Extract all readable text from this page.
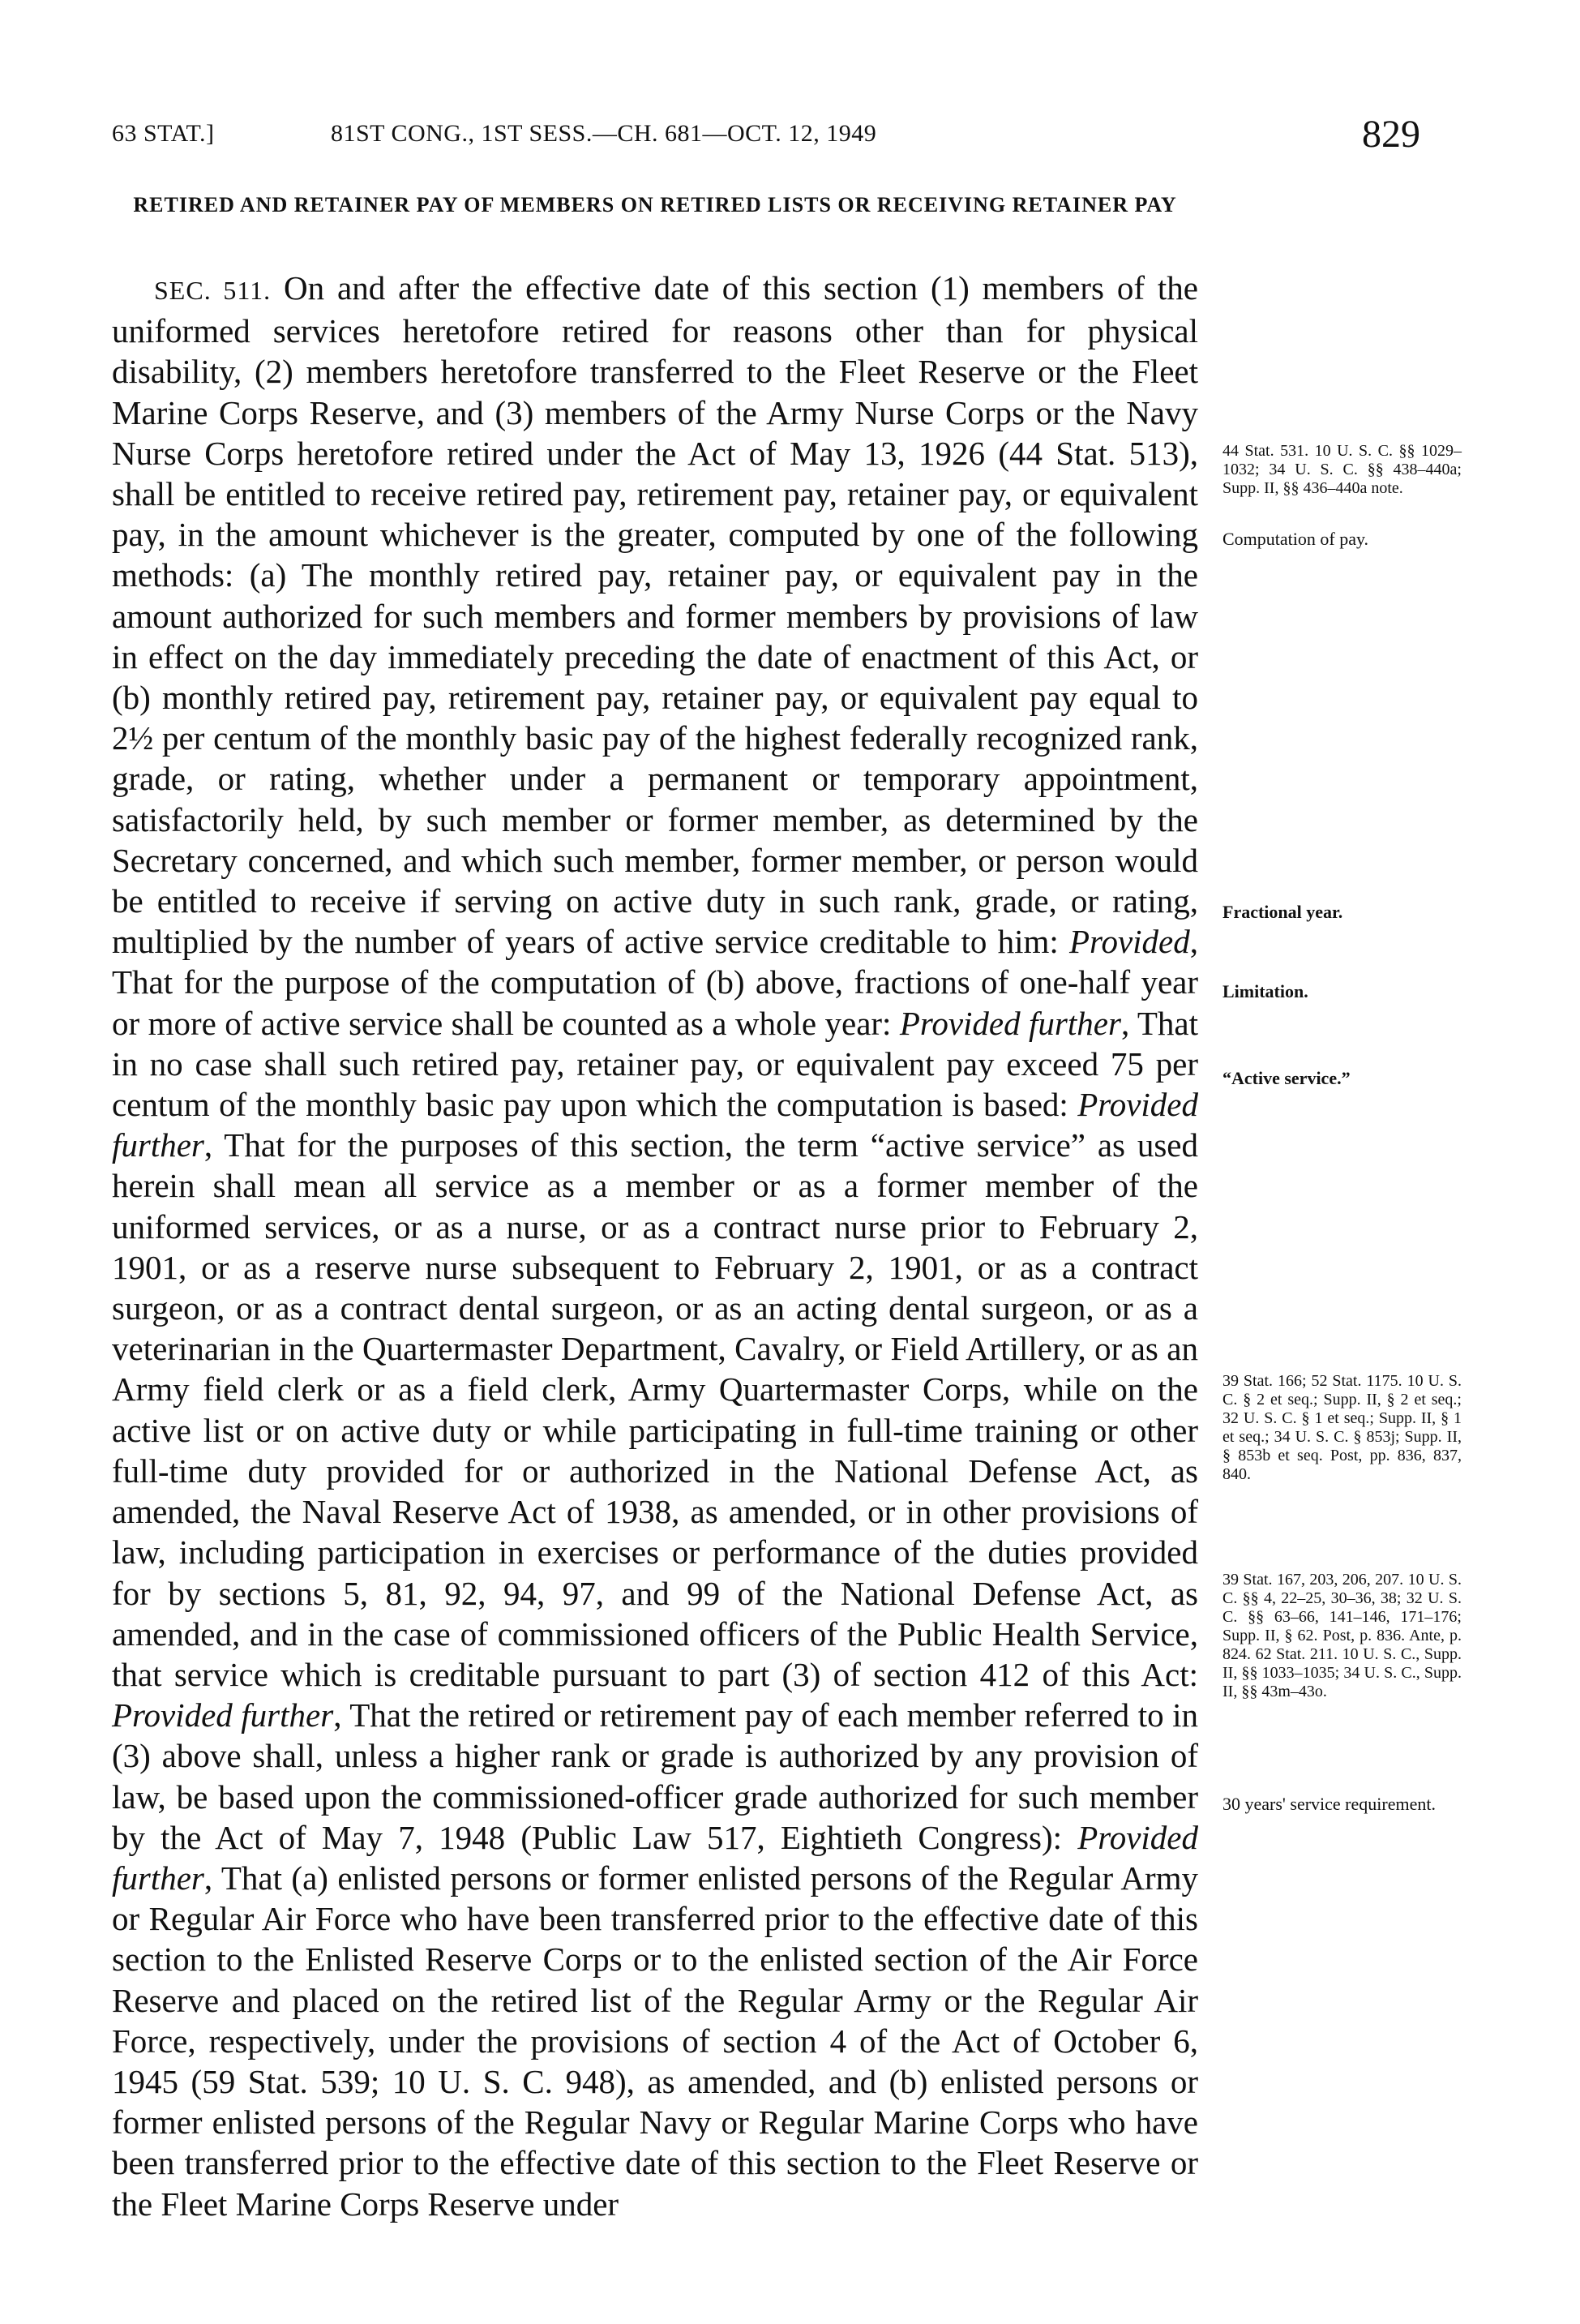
63 STAT.]	81ST CONG., 1ST SESS.—CH. 681—OCT. 12, 1949	829
RETIRED AND RETAINER PAY OF MEMBERS ON RETIRED LISTS OR RECEIVING RETAINER PAY

SEC. 511. On and after the effective date of this section (1) members of the uniformed services heretofore retired for reasons other than for physical disability, (2) members heretofore transferred to the Fleet Reserve or the Fleet Marine Corps Reserve, and (3) members of the Army Nurse Corps or the Navy Nurse Corps heretofore retired under the Act of May 13, 1926 (44 Stat. 513), shall be entitled to receive retired pay, retirement pay, retainer pay, or equivalent pay, in the amount whichever is the greater, computed by one of the following methods: (a) The monthly retired pay, retainer pay, or equivalent pay in the amount authorized for such members and former members by provisions of law in effect on the day immediately preceding the date of enactment of this Act, or (b) monthly retired pay, retirement pay, retainer pay, or equivalent pay equal to 2½ per centum of the monthly basic pay of the highest federally recognized rank, grade, or rating, whether under a permanent or temporary appointment, satisfactorily held, by such member or former member, as determined by the Secretary concerned, and which such member, former member, or person would be entitled to receive if serving on active duty in such rank, grade, or rating, multiplied by the number of years of active service creditable to him: Provided, That for the purpose of the computation of (b) above, fractions of one-half year or more of active service shall be counted as a whole year: Provided further, That in no case shall such retired pay, retainer pay, or equivalent pay exceed 75 per centum of the monthly basic pay upon which the computation is based: Provided further, That for the purposes of this section, the term “active service” as used herein shall mean all service as a member or as a former member of the uniformed services, or as a nurse, or as a contract nurse prior to February 2, 1901, or as a reserve nurse subsequent to February 2, 1901, or as a contract surgeon, or as a contract dental surgeon, or as an acting dental surgeon, or as a veterinarian in the Quartermaster Department, Cavalry, or Field Artillery, or as an Army field clerk or as a field clerk, Army Quartermaster Corps, while on the active list or on active duty or while participating in full-time training or other full-time duty provided for or authorized in the National Defense Act, as amended, the Naval Reserve Act of 1938, as amended, or in other provisions of law, including participation in exercises or performance of the duties provided for by sections 5, 81, 92, 94, 97, and 99 of the National Defense Act, as amended, and in the case of commissioned officers of the Public Health Service, that service which is creditable pursuant to part (3) of section 412 of this Act: Provided further, That the retired or retirement pay of each member referred to in (3) above shall, unless a higher rank or grade is authorized by any provision of law, be based upon the commissioned-officer grade authorized for such member by the Act of May 7, 1948 (Public Law 517, Eightieth Congress): Provided further, That (a) enlisted persons or former enlisted persons of the Regular Army or Regular Air Force who have been transferred prior to the effective date of this section to the Enlisted Reserve Corps or to the enlisted section of the Air Force Reserve and placed on the retired list of the Regular Army or the Regular Air Force, respectively, under the provisions of section 4 of the Act of October 6, 1945 (59 Stat. 539; 10 U. S. C. 948), as amended, and (b) enlisted persons or former enlisted persons of the Regular Navy or Regular Marine Corps who have been transferred prior to the effective date of this section to the Fleet Reserve or the Fleet Marine Corps Reserve under

44 Stat. 531. 10 U. S. C. §§ 1029–1032; 34 U. S. C. §§ 438–440a; Supp. II, §§ 436–440a note.
Computation of pay.
Fractional year.
Limitation.
“Active service.”
39 Stat. 166; 52 Stat. 1175. 10 U. S. C. § 2 et seq.; Supp. II, § 2 et seq.; 32 U. S. C. § 1 et seq.; Supp. II, § 1 et seq.; 34 U. S. C. § 853j; Supp. II, § 853b et seq. Post, pp. 836, 837, 840.
39 Stat. 167, 203, 206, 207. 10 U. S. C. §§ 4, 22–25, 30–36, 38; 32 U. S. C. §§ 63–66, 141–146, 171–176; Supp. II, § 62. Post, p. 836. Ante, p. 824. 62 Stat. 211. 10 U. S. C., Supp. II, §§ 1033–1035; 34 U. S. C., Supp. II, §§ 43m–43o.
30 years' service requirement.
